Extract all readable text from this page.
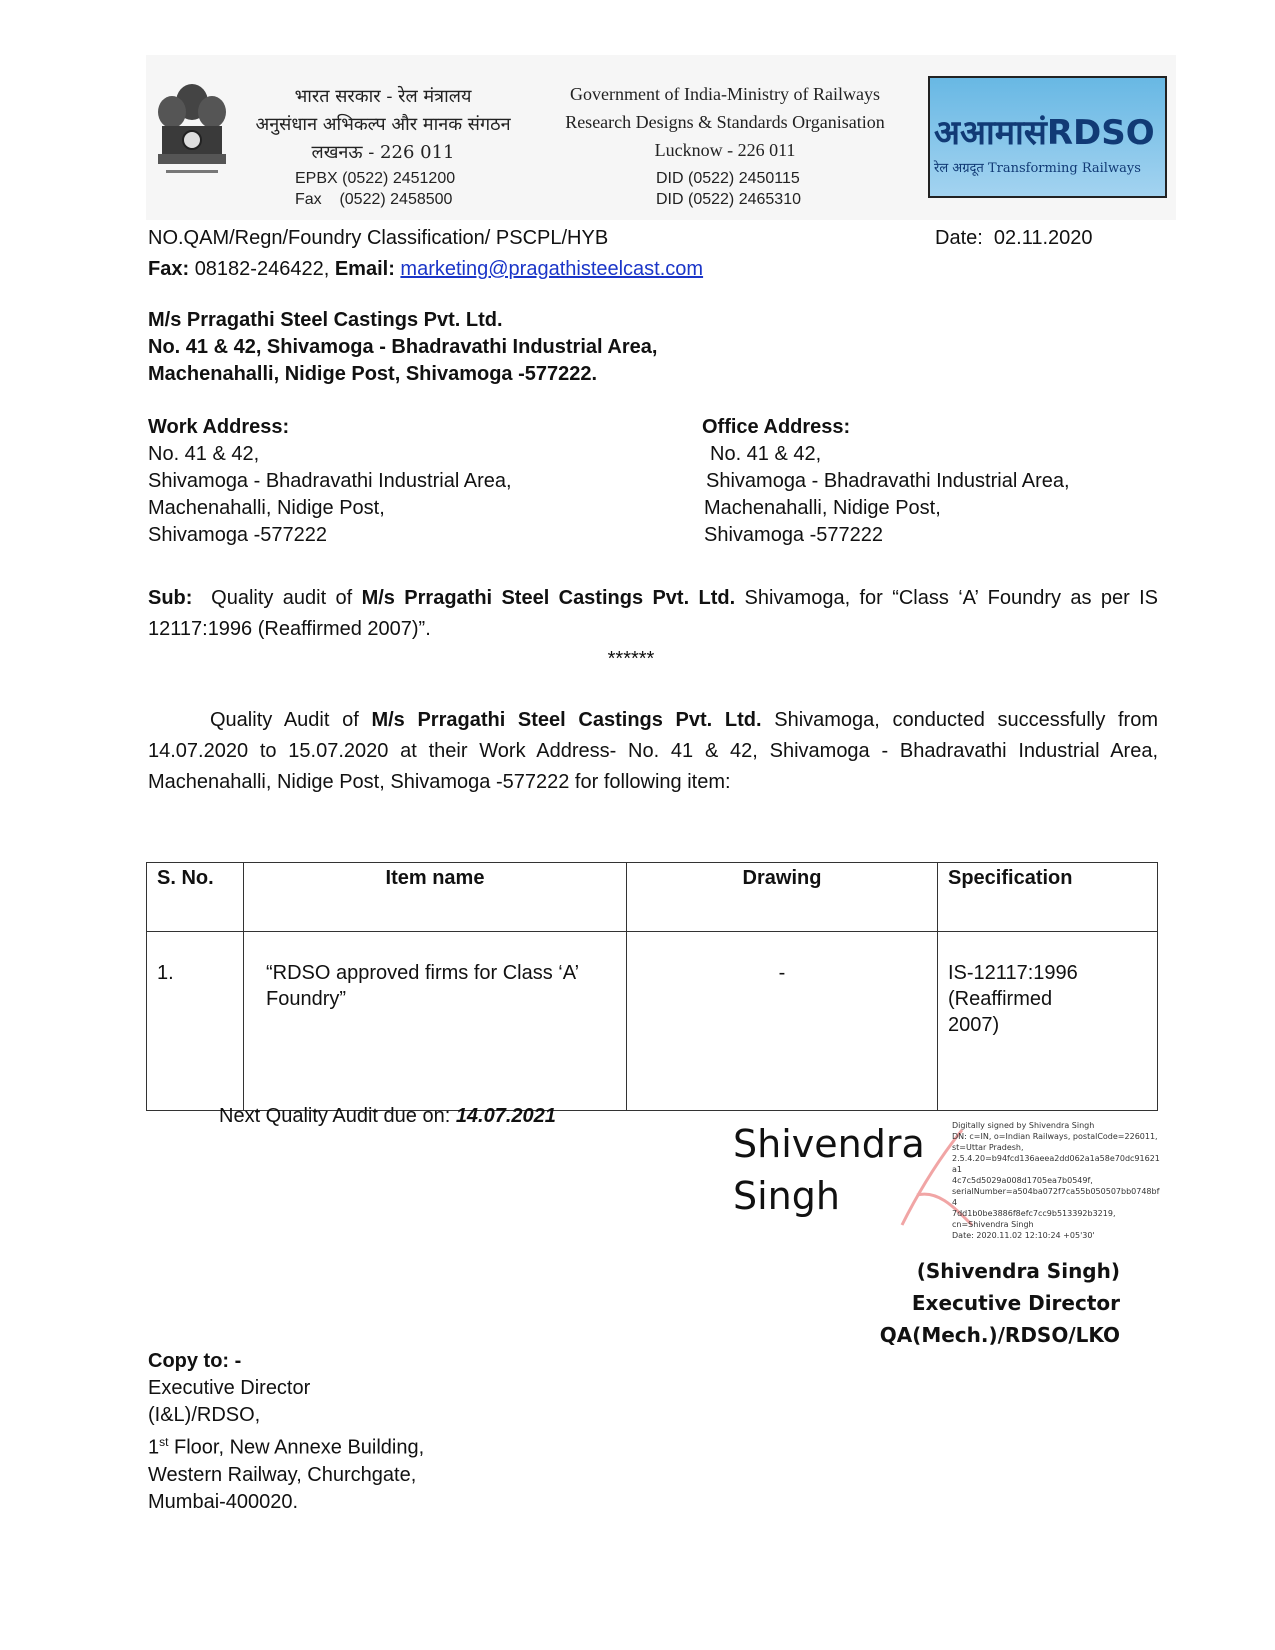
भारत सरकार - रेल मंत्रालय
अनुसंधान अभिकल्प और मानक संगठन
लखनऊ - 226 011
EPBX (0522) 2451200
Fax    (0522) 2458500
Government of India-Ministry of Railways
Research Designs & Standards Organisation
Lucknow - 226 011
DID (0522) 2450115
DID (0522) 2465310
अआमासंRDSO
रेल अग्रदूत Transforming Railways
NO.QAM/Regn/Foundry Classification/ PSCPL/HYB	Date:  02.11.2020
Fax: 08182-246422, Email: marketing@pragathisteelcast.com
M/s Prragathi Steel Castings Pvt. Ltd.
No. 41 & 42, Shivamoga - Bhadravathi Industrial Area,
Machenahalli, Nidige Post, Shivamoga -577222.
Work Address:
No. 41 & 42,
Shivamoga - Bhadravathi Industrial Area,
Machenahalli, Nidige Post,
Shivamoga -577222
Office Address:
No. 41 & 42,
Shivamoga - Bhadravathi Industrial Area,
Machenahalli, Nidige Post,
Shivamoga -577222
Sub: Quality audit of M/s Prragathi Steel Castings Pvt. Ltd. Shivamoga, for “Class ‘A’ Foundry as per IS 12117:1996 (Reaffirmed 2007)”.
******
Quality Audit of M/s Prragathi Steel Castings Pvt. Ltd. Shivamoga, conducted successfully from 14.07.2020 to 15.07.2020 at their Work Address- No. 41 & 42, Shivamoga - Bhadravathi Industrial Area, Machenahalli, Nidige Post, Shivamoga -577222 for following item:
S. No.	Item name	Drawing	Specification
1.	“RDSO approved firms for Class ‘A’ Foundry”	-	IS-12117:1996 (Reaffirmed 2007)
Next Quality Audit due on: 14.07.2021
Shivendra
Singh
Digitally signed by Shivendra Singh
DN: c=IN, o=Indian Railways, postalCode=226011,
st=Uttar Pradesh,
2.5.4.20=b94fcd136aeea2dd062a1a58e70dc91621a1
4c7c5d5029a008d1705ea7b0549f,
serialNumber=a504ba072f7ca55b050507bb0748bf4
7dd1b0be3886f8efc7cc9b513392b3219,
cn=Shivendra Singh
Date: 2020.11.02 12:10:24 +05'30'
(Shivendra Singh)
Executive Director
QA(Mech.)/RDSO/LKO
Copy to: -
Executive Director
(I&L)/RDSO,
1st Floor, New Annexe Building,
Western Railway, Churchgate,
Mumbai-400020.
